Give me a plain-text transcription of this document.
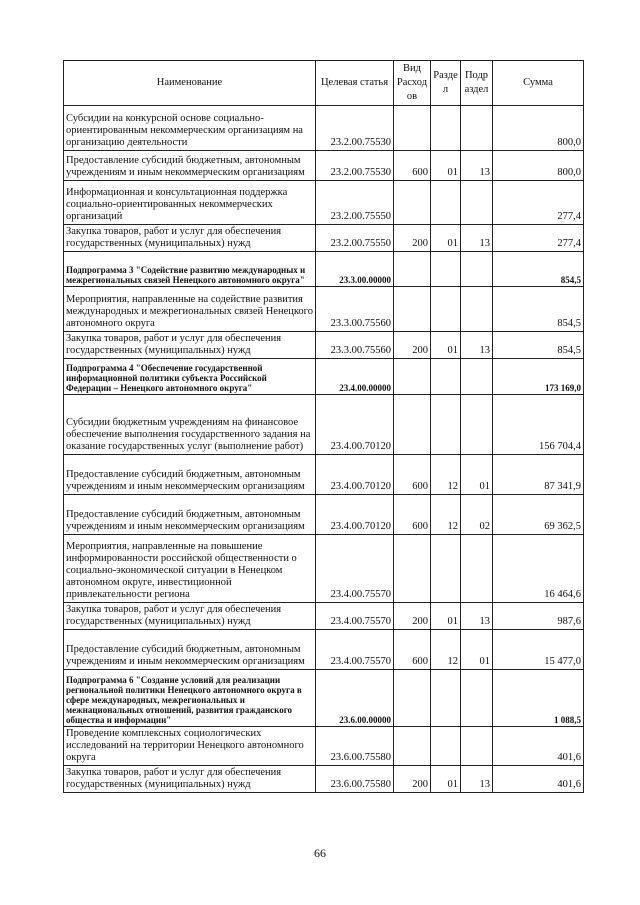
Наименование	Целевая статья	Вид Расход ов	Разде л	Подр аздел	Сумма
Субсидии на конкурсной основе социально-ориентированным некоммерческим организациям на организацию деятельности	23.2.00.75530				800,0
Предоставление субсидий бюджетным, автономным учреждениям и иным некоммерческим организациям	23.2.00.75530	600	01	13	800,0
Информационная и консультационная поддержка социально-ориентированных некоммерческих организаций	23.2.00.75550				277,4
Закупка товаров, работ и услуг для обеспечения государственных (муниципальных) нужд	23.2.00.75550	200	01	13	277,4
Подпрограмма 3 "Содействие развитию международных и межрегиональных связей Ненецкого автономного округа"	23.3.00.00000				854,5
Мероприятия, направленные на содействие развития международных и межрегиональных связей Ненецкого автономного округа	23.3.00.75560				854,5
Закупка товаров, работ и услуг для обеспечения государственных (муниципальных) нужд	23.3.00.75560	200	01	13	854,5
Подпрограмма 4 "Обеспечение государственной информационной политики субъекта Российской Федерации – Ненецкого автономного округа"	23.4.00.00000				173 169,0
Субсидии бюджетным учреждениям на финансовое обеспечение выполнения государственного задания на оказание государственных услуг (выполнение работ)	23.4.00.70120				156 704,4
Предоставление субсидий бюджетным, автономным учреждениям и иным некоммерческим организациям	23.4.00.70120	600	12	01	87 341,9
Предоставление субсидий бюджетным, автономным учреждениям и иным некоммерческим организациям	23.4.00.70120	600	12	02	69 362,5
Мероприятия, направленные на повышение информированности российской общественности о социально-экономической ситуации в Ненецком автономном округе, инвестиционной привлекательности региона	23.4.00.75570				16 464,6
Закупка товаров, работ и услуг для обеспечения государственных (муниципальных) нужд	23.4.00.75570	200	01	13	987,6
Предоставление субсидий бюджетным, автономным учреждениям и иным некоммерческим организациям	23.4.00.75570	600	12	01	15 477,0
Подпрограмма 6 "Создание условий для реализации региональной политики Ненецкого автономного округа в сфере международных, межрегиональных и межнациональных отношений, развития гражданского общества и информации"	23.6.00.00000				1 088,5
Проведение комплексных социологических исследований на территории Ненецкого автономного округа	23.6.00.75580				401,6
Закупка товаров, работ и услуг для обеспечения государственных (муниципальных) нужд	23.6.00.75580	200	01	13	401,6
66
